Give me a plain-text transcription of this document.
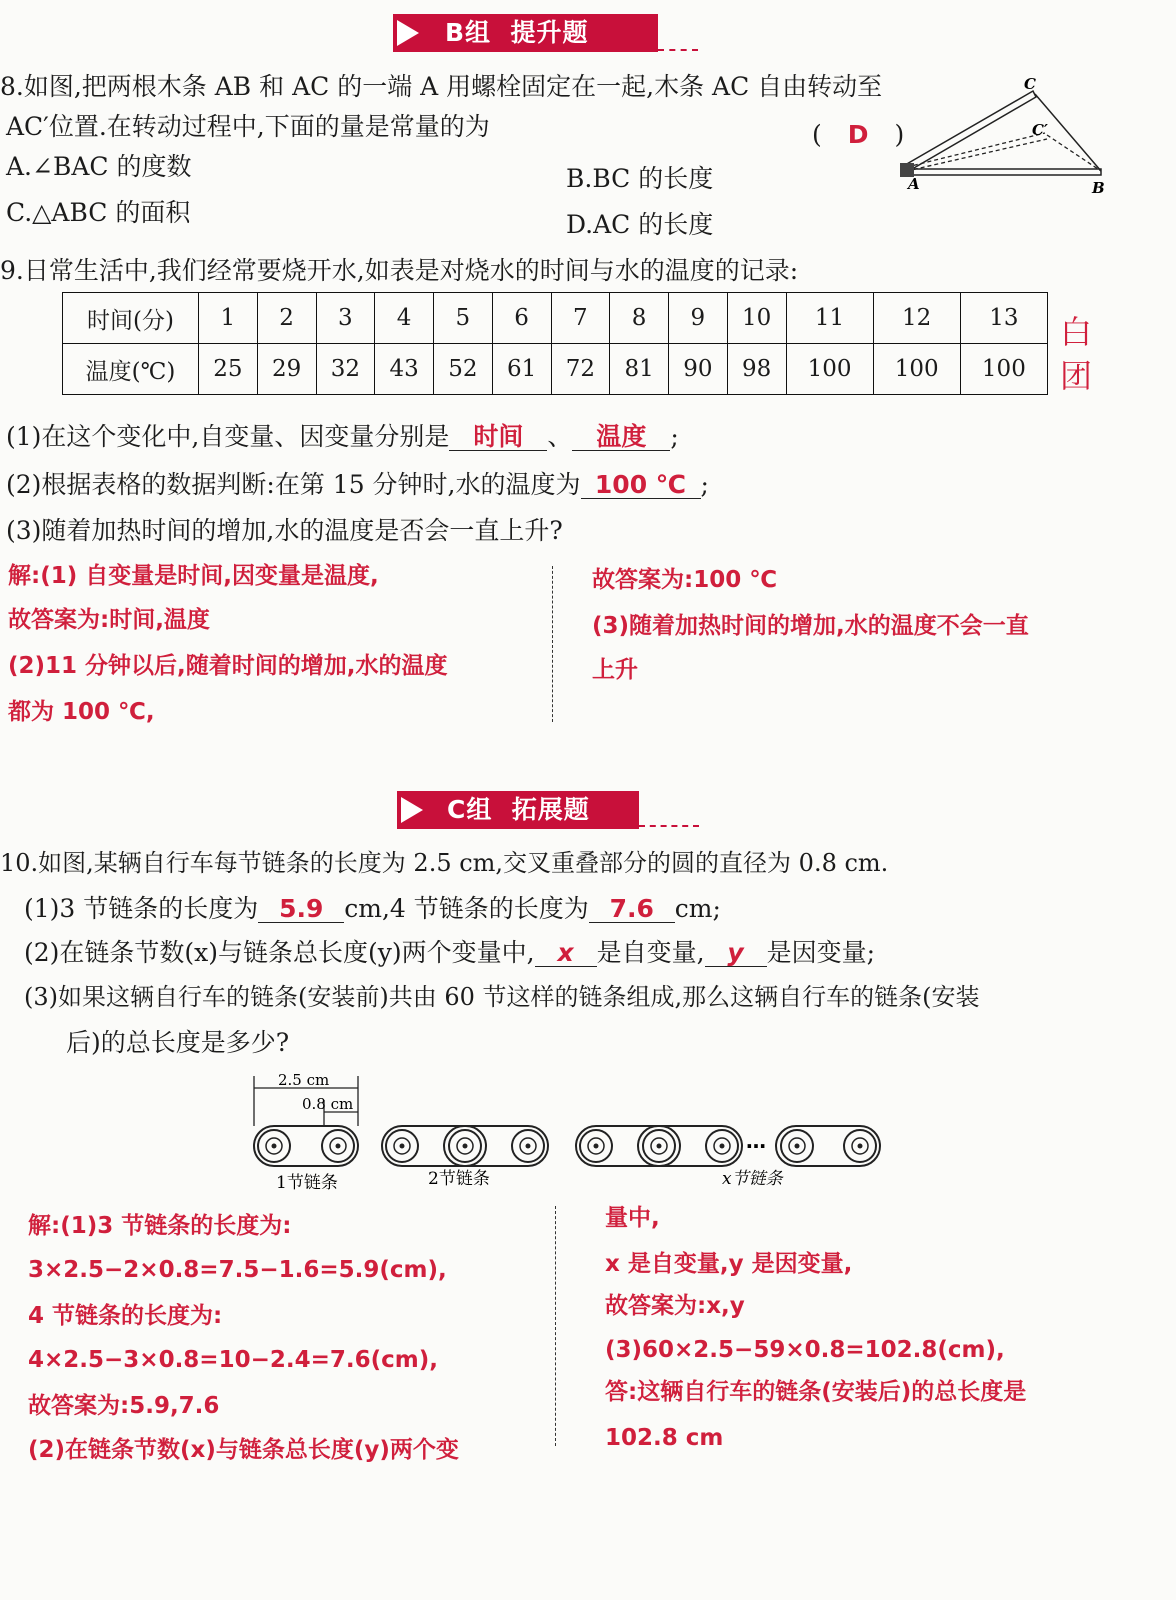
B组  提升题
8.如图,把两根木条 AB 和 AC 的一端 A 用螺栓固定在一起,木条 AC 自由转动至
AC′位置.在转动过程中,下面的量是常量的为	( D )
A.∠BAC 的度数	B.BC 的长度
C.△ABC 的面积	D.AC 的长度
C
C′
A	B
9.日常生活中,我们经常要烧开水,如表是对烧水的时间与水的温度的记录:
时间(分)	1	2	3	4	5	6	7	8	9	10	11	12	13
温度(℃)	25	29	32	43	52	61	72	81	90	98	100	100	100
白
团
(1)在这个变化中,自变量、因变量分别是 时间 、 温度 ;
(2)根据表格的数据判断:在第 15 分钟时,水的温度为 100 ℃ ;
(3)随着加热时间的增加,水的温度是否会一直上升?
解:(1) 自变量是时间,因变量是温度,
故答案为:时间,温度
(2)11 分钟以后,随着时间的增加,水的温度
都为 100 ℃,
故答案为:100 ℃
(3)随着加热时间的增加,水的温度不会一直
上升
C组  拓展题
10.如图,某辆自行车每节链条的长度为 2.5 cm,交叉重叠部分的圆的直径为 0.8 cm.
(1)3 节链条的长度为 5.9 cm,4 节链条的长度为 7.6 cm;
(2)在链条节数(x)与链条总长度(y)两个变量中, x 是自变量, y 是因变量;
(3)如果这辆自行车的链条(安装前)共由 60 节这样的链条组成,那么这辆自行车的链条(安装
后)的总长度是多少?
2.5 cm
0.8 cm
1节链条	2节链条
…
x节链条
解:(1)3 节链条的长度为:
3×2.5−2×0.8=7.5−1.6=5.9(cm),
4 节链条的长度为:
4×2.5−3×0.8=10−2.4=7.6(cm),
故答案为:5.9,7.6
(2)在链条节数(x)与链条总长度(y)两个变
量中,
x 是自变量,y 是因变量,
故答案为:x,y
(3)60×2.5−59×0.8=102.8(cm),
答:这辆自行车的链条(安装后)的总长度是
102.8 cm
